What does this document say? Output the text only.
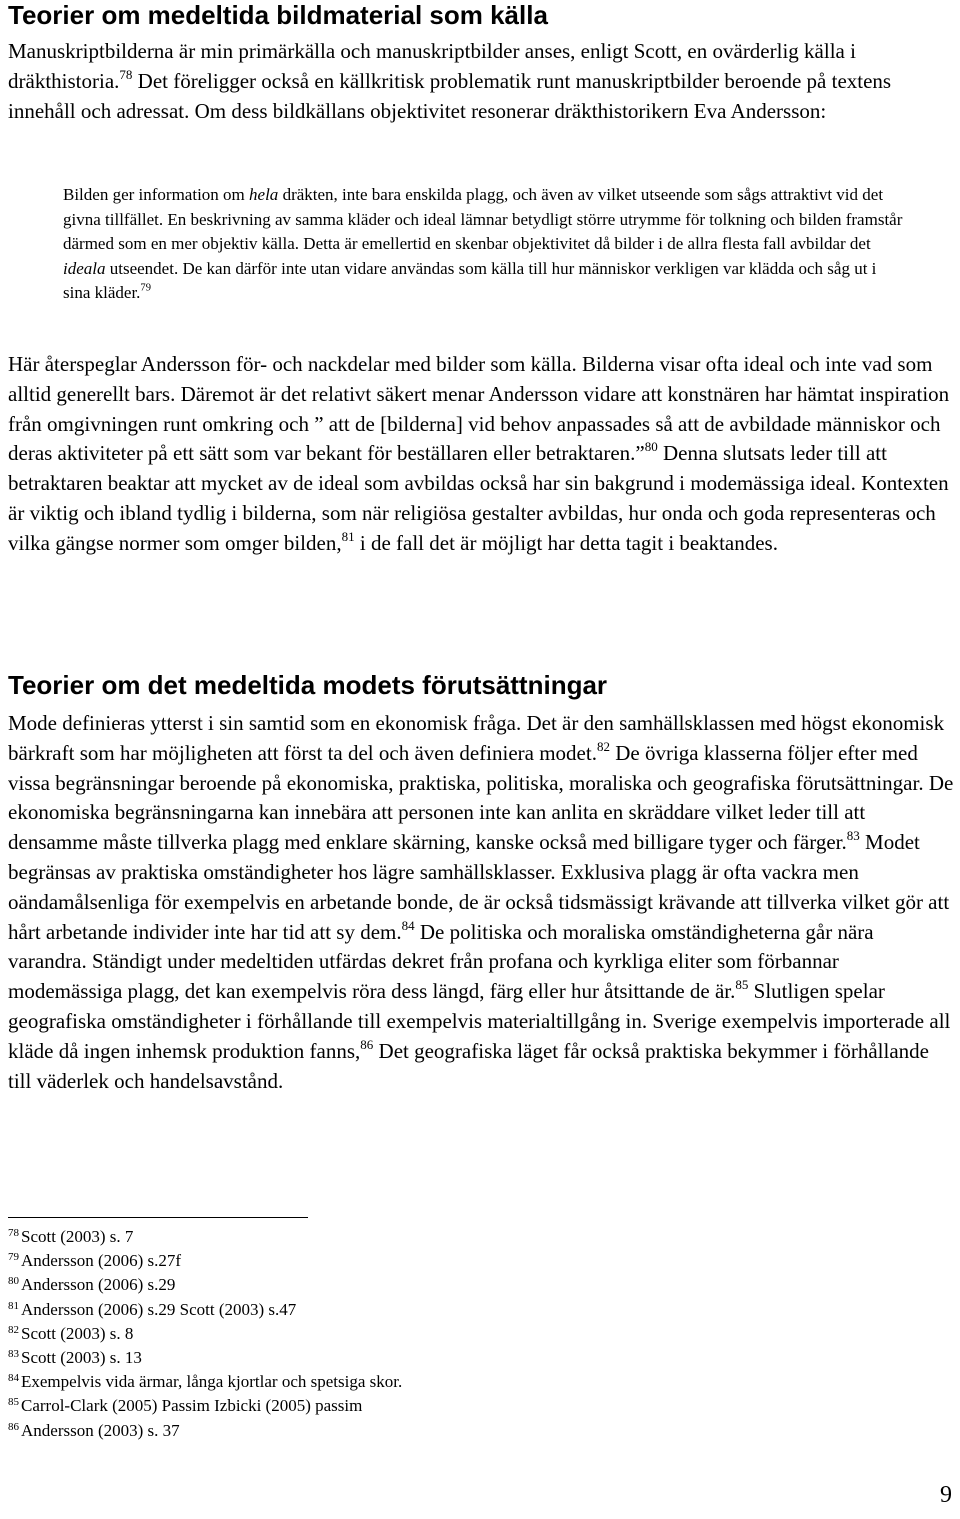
Teorier om medeltida bildmaterial som källa

Manuskriptbilderna är min primärkälla och manuskriptbilder anses, enligt Scott, en ovärderlig källa i dräkthistoria.$^{78}$ Det föreligger också en källkritisk problematik runt manuskriptbilder beroende på textens innehåll och adressat. Om dess bildkällans objektivitet resonerar dräkthistorikern Eva Andersson:

Bilden ger information om hela dräkten, inte bara enskilda plagg, och även av vilket utseende som sågs attraktivt vid det givna tillfället. En beskrivning av samma kläder och ideal lämnar betydligt större utrymme för tolkning och bilden framstår därmed som en mer objektiv källa. Detta är emellertid en skenbar objektivitet då bilder i de allra flesta fall avbildar det ideala utseendet. De kan därför inte utan vidare användas som källa till hur människor verkligen var klädda och såg ut i sina kläder.$^{79}$

Här återspeglar Andersson för- och nackdelar med bilder som källa. Bilderna visar ofta ideal och inte vad som alltid generellt bars. Däremot är det relativt säkert menar Andersson vidare att konstnären har hämtat inspiration från omgivningen runt omkring och ” att de [bilderna] vid behov anpassades så att de avbildade människor och deras aktiviteter på ett sätt som var bekant för beställaren eller betraktaren.”$^{80}$ Denna slutsats leder till att betraktaren beaktar att mycket av de ideal som avbildas också har sin bakgrund i modemässiga ideal. Kontexten är viktig och ibland tydlig i bilderna, som när religiösa gestalter avbildas, hur onda och goda representeras och vilka gängse normer som omger bilden,$^{81}$ i de fall det är möjligt har detta tagit i beaktandes.

Teorier om det medeltida modets förutsättningar

Mode definieras ytterst i sin samtid som en ekonomisk fråga. Det är den samhällsklassen med högst ekonomisk bärkraft som har möjligheten att först ta del och även definiera modet.$^{82}$ De övriga klasserna följer efter med vissa begränsningar beroende på ekonomiska, praktiska, politiska, moraliska och geografiska förutsättningar. De ekonomiska begränsningarna kan innebära att personen inte kan anlita en skräddare vilket leder till att densamme måste tillverka plagg med enklare skärning, kanske också med billigare tyger och färger.$^{83}$ Modet begränsas av praktiska omständigheter hos lägre samhällsklasser. Exklusiva plagg är ofta vackra men oändamålsenliga för exempelvis en arbetande bonde, de är också tidsmässigt krävande att tillverka vilket gör att hårt arbetande individer inte har tid att sy dem.$^{84}$ De politiska och moraliska omständigheterna går nära varandra. Ständigt under medeltiden utfärdas dekret från profana och kyrkliga eliter som förbannar modemässiga plagg, det kan exempelvis röra dess längd, färg eller hur åtsittande de är.$^{85}$ Slutligen spelar geografiska omständigheter i förhållande till exempelvis materialtillgång in. Sverige exempelvis importerade all kläde då ingen inhemsk produktion fanns,$^{86}$ Det geografiska läget får också praktiska bekymmer i förhållande till väderlek och handelsavstånd.

$^{78}$ Scott (2003) s. 7
$^{79}$ Andersson (2006) s.27f
$^{80}$ Andersson (2006) s.29
$^{81}$ Andersson (2006) s.29 Scott (2003) s.47
$^{82}$ Scott (2003) s. 8
$^{83}$ Scott (2003) s. 13
$^{84}$ Exempelvis vida ärmar, långa kjortlar och spetsiga skor.
$^{85}$ Carrol-Clark (2005) Passim Izbicki (2005) passim
$^{86}$ Andersson (2003) s. 37
9
